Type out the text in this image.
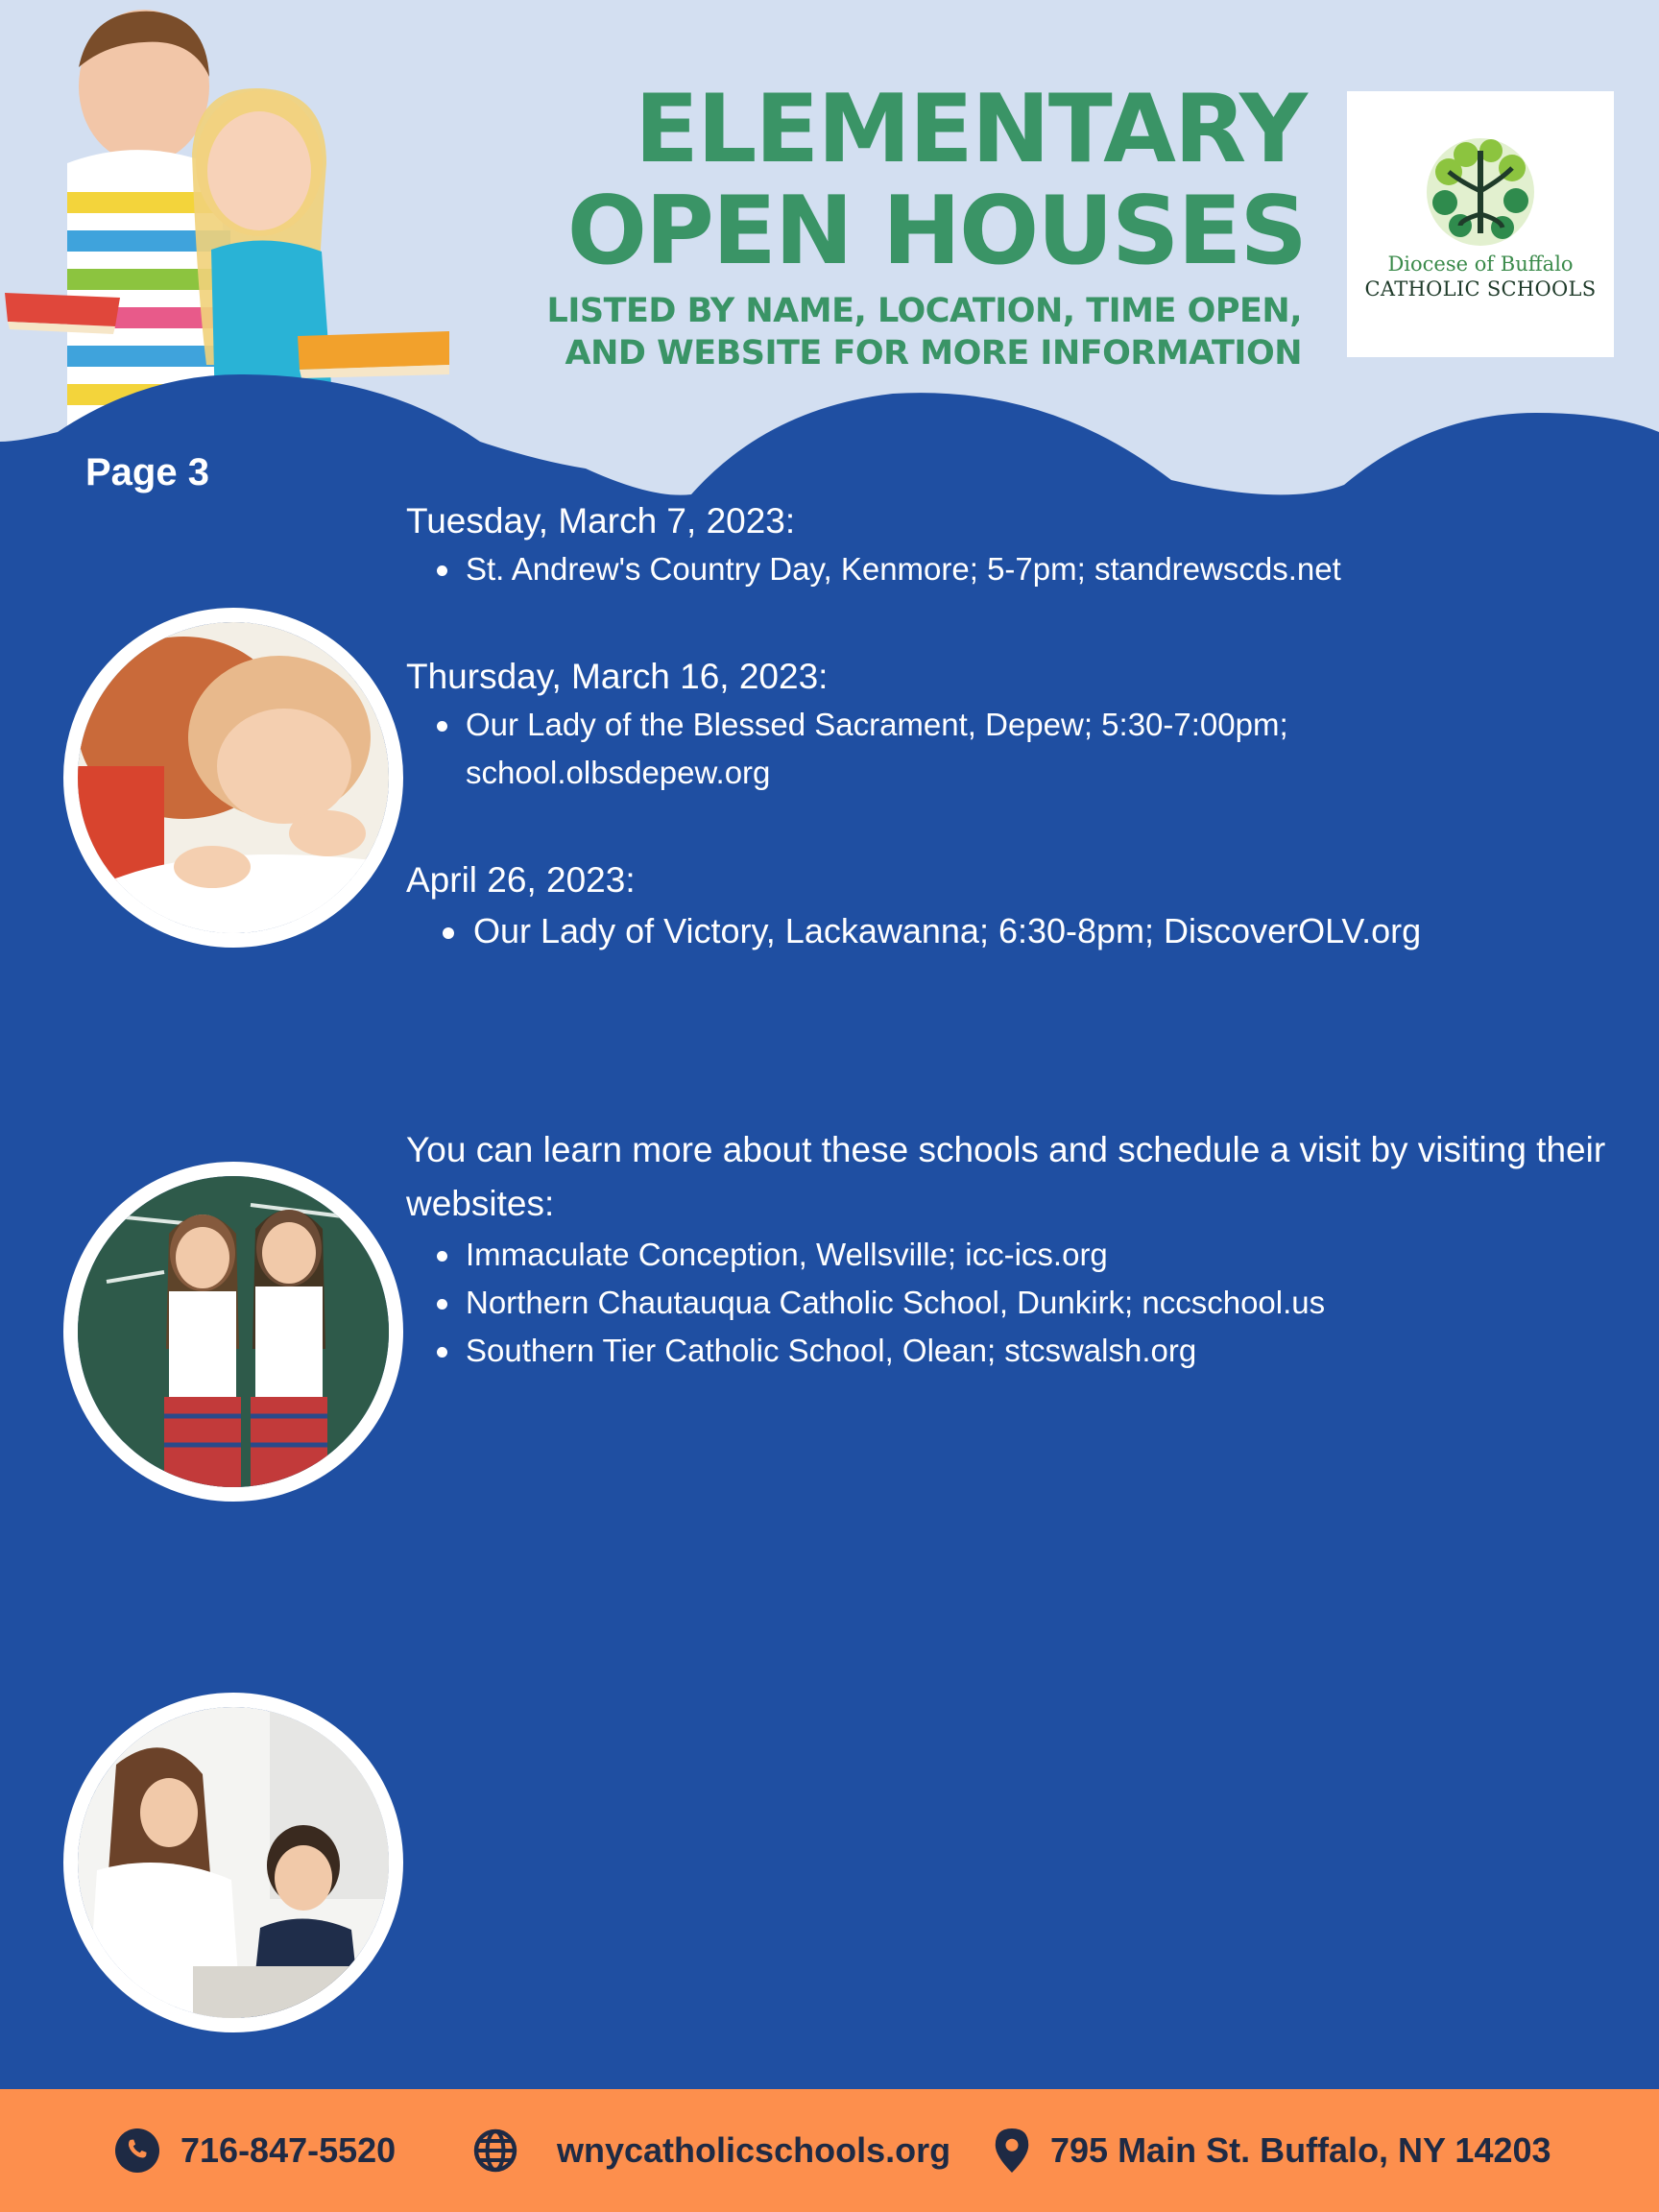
ELEMENTARY
OPEN HOUSES
LISTED BY NAME, LOCATION, TIME OPEN,
AND WEBSITE FOR MORE INFORMATION
Diocese of Buffalo
CATHOLIC SCHOOLS
Page 3
Tuesday, March 7, 2023:
St. Andrew's Country Day, Kenmore; 5-7pm; standrewscds.net
Thursday, March 16, 2023:
Our Lady of the Blessed Sacrament, Depew; 5:30-7:00pm; school.olbsdepew.org
April 26, 2023:
Our Lady of Victory, Lackawanna; 6:30-8pm; DiscoverOLV.org
You can learn more about these schools and schedule a visit by visiting their websites:
Immaculate Conception, Wellsville; icc-ics.org
Northern Chautauqua Catholic School, Dunkirk; nccschool.us
Southern Tier Catholic School, Olean; stcswalsh.org
716-847-5520	wnycatholicschools.org	795 Main St. Buffalo, NY 14203
